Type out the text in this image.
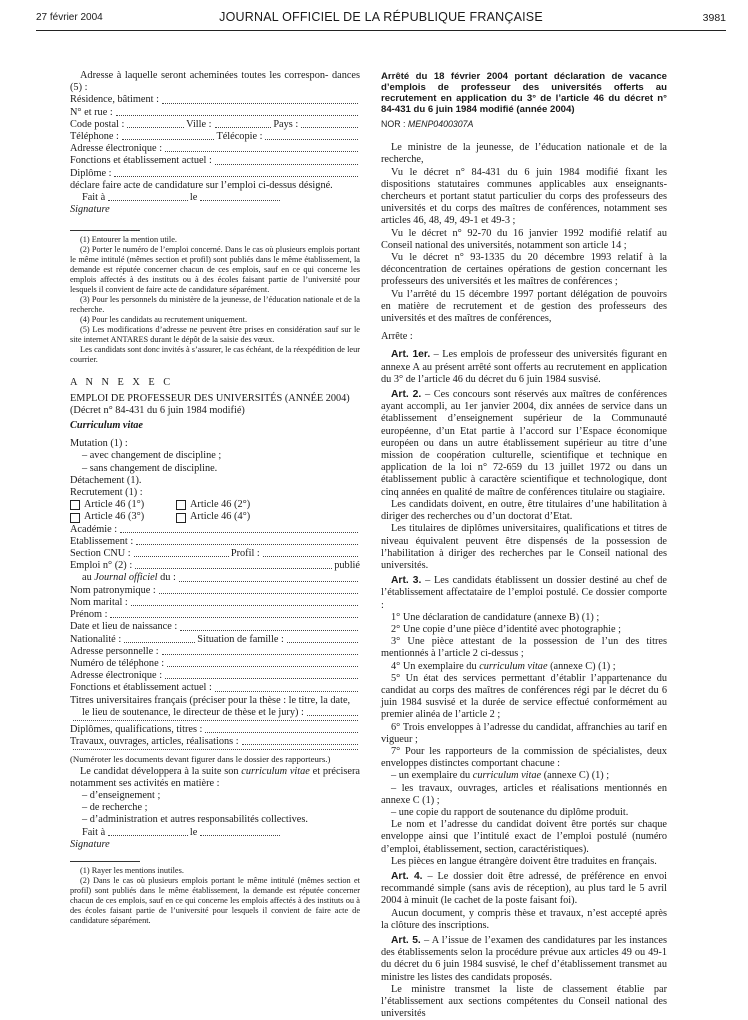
27 février 2004	JOURNAL OFFICIEL DE LA RÉPUBLIQUE FRANÇAISE	3981

Adresse à laquelle seront acheminées toutes les correspon- dances (5) :

Résidence, bâtiment :
N° et rue :
Code postal :	Ville :	Pays :
Téléphone :	Télécopie :
Adresse électronique :
Fonctions et établissement actuel :
Diplôme :

déclare faire acte de candidature sur l’emploi ci-dessus désigné.

Fait à	le

Signature

(1) Entourer la mention utile.

(2) Porter le numéro de l’emploi concerné. Dans le cas où plusieurs emplois portant le même intitulé (mêmes section et profil) sont publiés dans le même établissement, la demande est réputée concerner chacun de ces emplois, sauf en ce qui concerne les emplois affectés à des instituts ou à des écoles faisant partie de l’université pour lesquels il convient de faire acte de candidature séparément.

(3) Pour les personnels du ministère de la jeunesse, de l’éducation nationale et de la recherche.

(4) Pour les candidats au recrutement uniquement.

(5) Les modifications d’adresse ne peuvent être prises en considération sauf sur le site internet ANTARES durant le dépôt de la saisie des vœux.

Les candidats sont donc invités à s’assurer, le cas échéant, de la réexpédition de leur courrier.

A N N E X E C

EMPLOI DE PROFESSEUR DES UNIVERSITÉS (ANNÉE 2004)

(Décret n° 84-431 du 6 juin 1984 modifié)

Curriculum vitae

Mutation (1) :

– avec changement de discipline ;

– sans changement de discipline.

Détachement (1).

Recrutement (1) :

Article 46 (1°)	Article 46 (2°)
Article 46 (3°)	Article 46 (4°)
Académie :
Etablissement :
Section CNU :	Profil :
Emploi n° (2) :	publié
au Journal officiel du :
Nom patronymique :
Nom marital :
Prénom :
Date et lieu de naissance :
Nationalité :	Situation de famille :
Adresse personnelle :
Numéro de téléphone :
Adresse électronique :
Fonctions et établissement actuel :

Titres universitaires français (préciser pour la thèse : le titre, la date,

le lieu de soutenance, le directeur de thèse et le jury) :
Diplômes, qualifications, titres :
Travaux, ouvrages, articles, réalisations :

(Numéroter les documents devant figurer dans le dossier des rapporteurs.)

Le candidat développera à la suite son curriculum vitae et précisera notamment ses activités en matière :

– d’enseignement ;

– de recherche ;

– d’administration et autres responsabilités collectives.

Fait à	le

Signature

(1) Rayer les mentions inutiles.

(2) Dans le cas où plusieurs emplois portant le même intitulé (mêmes section et profil) sont publiés dans le même établissement, la demande est réputée concerner chacun de ces emplois, sauf en ce qui concerne les emplois affectés à des instituts ou à des écoles faisant partie de l’université pour lesquels il convient de faire acte de candidature séparément.

Arrêté du 18 février 2004 portant déclaration de vacance d’emplois de professeur des universités offerts au recrutement en application du 3° de l’article 46 du décret n° 84-431 du 6 juin 1984 modifié (année 2004)

NOR : MENP0400307A

Le ministre de la jeunesse, de l’éducation nationale et de la recherche,

Vu le décret n° 84-431 du 6 juin 1984 modifié fixant les dispositions statutaires communes applicables aux enseignants-chercheurs et portant statut particulier du corps des professeurs des universités et du corps des maîtres de conférences, notamment ses articles 46, 48, 49, 49-1 et 49-3 ;

Vu le décret n° 92-70 du 16 janvier 1992 modifié relatif au Conseil national des universités, notamment son article 14 ;

Vu le décret n° 93-1335 du 20 décembre 1993 relatif à la déconcentration de certaines opérations de gestion concernant les professeurs des universités et les maîtres de conférences ;

Vu l’arrêté du 15 décembre 1997 portant délégation de pouvoirs en matière de recrutement et de gestion des professeurs des universités et des maîtres de conférences,

Arrête :

Art. 1er. – Les emplois de professeur des universités figurant en annexe A au présent arrêté sont offerts au recrutement en application du 3° de l’article 46 du décret du 6 juin 1984 susvisé.

Art. 2. – Ces concours sont réservés aux maîtres de conférences ayant accompli, au 1er janvier 2004, dix années de service dans un établissement d’enseignement supérieur de la Communauté européenne, d’un Etat partie à l’accord sur l’Espace économique européen ou dans un autre établissement supérieur au titre d’une mission de coopération culturelle, scientifique et technique en application de la loi n° 72-659 du 13 juillet 1972 ou dans un établissement public à caractère scientifique et technologique, dont cinq années en qualité de maître de conférences titulaire ou stagiaire.

Les candidats doivent, en outre, être titulaires d’une habilitation à diriger des recherches ou d’un doctorat d’Etat.

Les titulaires de diplômes universitaires, qualifications et titres de niveau équivalent peuvent être dispensés de la possession de l’habilitation à diriger des recherches par le Conseil national des universités.

Art. 3. – Les candidats établissent un dossier destiné au chef de l’établissement affectataire de l’emploi postulé. Ce dossier comporte :

1° Une déclaration de candidature (annexe B) (1) ;

2° Une copie d’une pièce d’identité avec photographie ;

3° Une pièce attestant de la possession de l’un des titres mentionnés à l’article 2 ci-dessus ;

4° Un exemplaire du curriculum vitae (annexe C) (1) ;

5° Un état des services permettant d’établir l’appartenance du candidat au corps des maîtres de conférences régi par le décret du 6 juin 1984 susvisé et la durée de service effectué conformément au premier alinéa de l’article 2 ;

6° Trois enveloppes à l’adresse du candidat, affranchies au tarif en vigueur ;

7° Pour les rapporteurs de la commission de spécialistes, deux enveloppes distinctes comportant chacune :

– un exemplaire du curriculum vitae (annexe C) (1) ;

– les travaux, ouvrages, articles et réalisations mentionnés en annexe C (1) ;

– une copie du rapport de soutenance du diplôme produit.

Le nom et l’adresse du candidat doivent être portés sur chaque enveloppe ainsi que l’intitulé exact de l’emploi postulé (numéro d’emploi, établissement, section, caractéristiques).

Les pièces en langue étrangère doivent être traduites en français.

Art. 4. – Le dossier doit être adressé, de préférence en envoi recommandé simple (sans avis de réception), au plus tard le 5 avril 2004 à minuit (le cachet de la poste faisant foi).

Aucun document, y compris thèse et travaux, n’est accepté après la clôture des inscriptions.

Art. 5. – A l’issue de l’examen des candidatures par les instances des établissements selon la procédure prévue aux articles 49 ou 49-1 du décret du 6 juin 1984 susvisé, le chef d’établissement transmet au ministre les listes des candidats proposés.

Le ministre transmet la liste de classement établie par l’établissement aux sections compétentes du Conseil national des universités
